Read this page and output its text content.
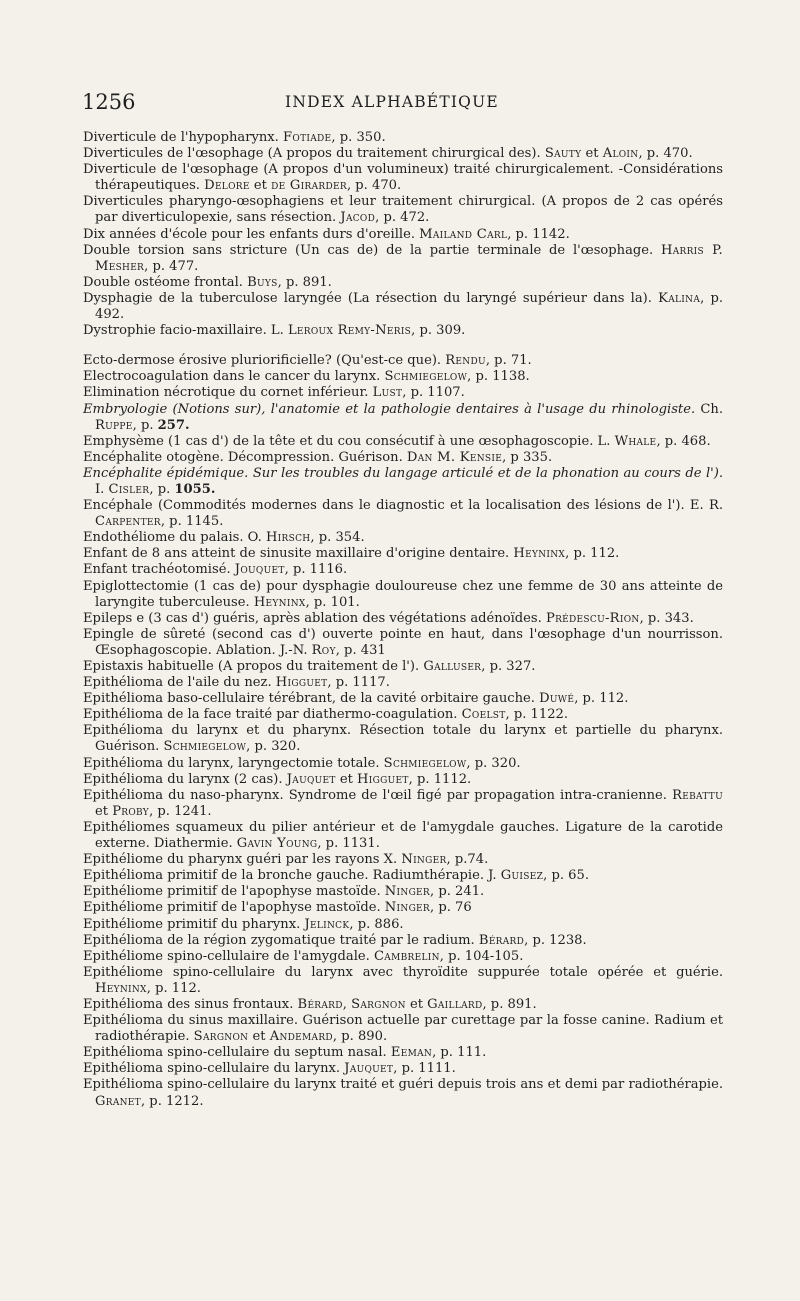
1256	INDEX ALPHABÉTIQUE

Diverticule de l'hypopharynx. Fotiade, p. 350.

Diverticules de l'œsophage (A propos du traitement chirurgical des). Sauty et Aloin, p. 470.

Diverticule de l'œsophage (A propos d'un volumineux) traité chirurgicalement. -Considérations thérapeutiques. Delore et de Girarder, p. 470.

Diverticules pharyngo-œsophagiens et leur traitement chirurgical. (A propos de 2 cas opérés par diverticulopexie, sans résection. Jacod, p. 472.

Dix années d'école pour les enfants durs d'oreille. Mailand Carl, p. 1142.

Double torsion sans stricture (Un cas de) de la partie terminale de l'œsophage. Harris P. Mesher, p. 477.

Double ostéome frontal. Buys, p. 891.

Dysphagie de la tuberculose laryngée (La résection du laryngé supérieur dans la). Kalina, p. 492.

Dystrophie facio-maxillaire. L. Leroux Remy-Neris, p. 309.

Ecto-dermose érosive pluriorificielle? (Qu'est-ce que). Rendu, p. 71.

Electrocoagulation dans le cancer du larynx. Schmiegelow, p. 1138.

Elimination nécrotique du cornet inférieur. Lust, p. 1107.

Embryologie (Notions sur), l'anatomie et la pathologie dentaires à l'usage du rhinologiste. Ch. Ruppe, p. 257.

Emphysème (1 cas d') de la tête et du cou consécutif à une œsophagoscopie. L. Whale, p. 468.

Encéphalite otogène. Décompression. Guérison. Dan M. Kensie, p 335.

Encéphalite épidémique. Sur les troubles du langage articulé et de la phonation au cours de l'). I. Cisler, p. 1055.

Encéphale (Commodités modernes dans le diagnostic et la localisation des lésions de l'). E. R. Carpenter, p. 1145.

Endothéliome du palais. O. Hirsch, p. 354.

Enfant de 8 ans atteint de sinusite maxillaire d'origine dentaire. Heyninx, p. 112.

Enfant trachéotomisé. Jouquet, p. 1116.

Epiglottectomie (1 cas de) pour dysphagie douloureuse chez une femme de 30 ans atteinte de laryngite tuberculeuse. Heyninx, p. 101.

Epileps e (3 cas d') guéris, après ablation des végétations adénoïdes. Prédescu-Rion, p. 343.

Epingle de sûreté (second cas d') ouverte pointe en haut, dans l'œsophage d'un nourrisson. Œsophagoscopie. Ablation. J.-N. Roy, p. 431

Epistaxis habituelle (A propos du traitement de l'). Galluser, p. 327.

Epithélioma de l'aile du nez. Higguet, p. 1117.

Epithélioma baso-cellulaire térébrant, de la cavité orbitaire gauche. Duwé, p. 112.

Epithélioma de la face traité par diathermo-coagulation. Coelst, p. 1122.

Epithélioma du larynx et du pharynx. Résection totale du larynx et partielle du pharynx. Guérison. Schmiegelow, p. 320.

Epithélioma du larynx, laryngectomie totale. Schmiegelow, p. 320.

Epithélioma du larynx (2 cas). Jauquet et Higguet, p. 1112.

Epithélioma du naso-pharynx. Syndrome de l'œil figé par propagation intra-cranienne. Rebattu et Proby, p. 1241.

Epithéliomes squameux du pilier antérieur et de l'amygdale gauches. Ligature de la carotide externe. Diathermie. Gavin Young, p. 1131.

Epithéliome du pharynx guéri par les rayons X. Ninger, p.74.

Epithélioma primitif de la bronche gauche. Radiumthérapie. J. Guisez, p. 65.

Epithéliome primitif de l'apophyse mastoïde. Ninger, p. 241.

Epithéliome primitif de l'apophyse mastoïde. Ninger, p. 76

Epithéliome primitif du pharynx. Jelinck, p. 886.

Epithélioma de la région zygomatique traité par le radium. Bérard, p. 1238.

Epithéliome spino-cellulaire de l'amygdale. Cambrelin, p. 104-105.

Epithéliome spino-cellulaire du larynx avec thyroïdite suppurée totale opérée et guérie. Heyninx, p. 112.

Epithélioma des sinus frontaux. Bérard, Sargnon et Gaillard, p. 891.

Epithélioma du sinus maxillaire. Guérison actuelle par curettage par la fosse canine. Radium et radiothérapie. Sargnon et Andemard, p. 890.

Epithélioma spino-cellulaire du septum nasal. Eeman, p. 111.

Epithélioma spino-cellulaire du larynx. Jauquet, p. 1111.

Epithélioma spino-cellulaire du larynx traité et guéri depuis trois ans et demi par radiothérapie. Granet, p. 1212.
